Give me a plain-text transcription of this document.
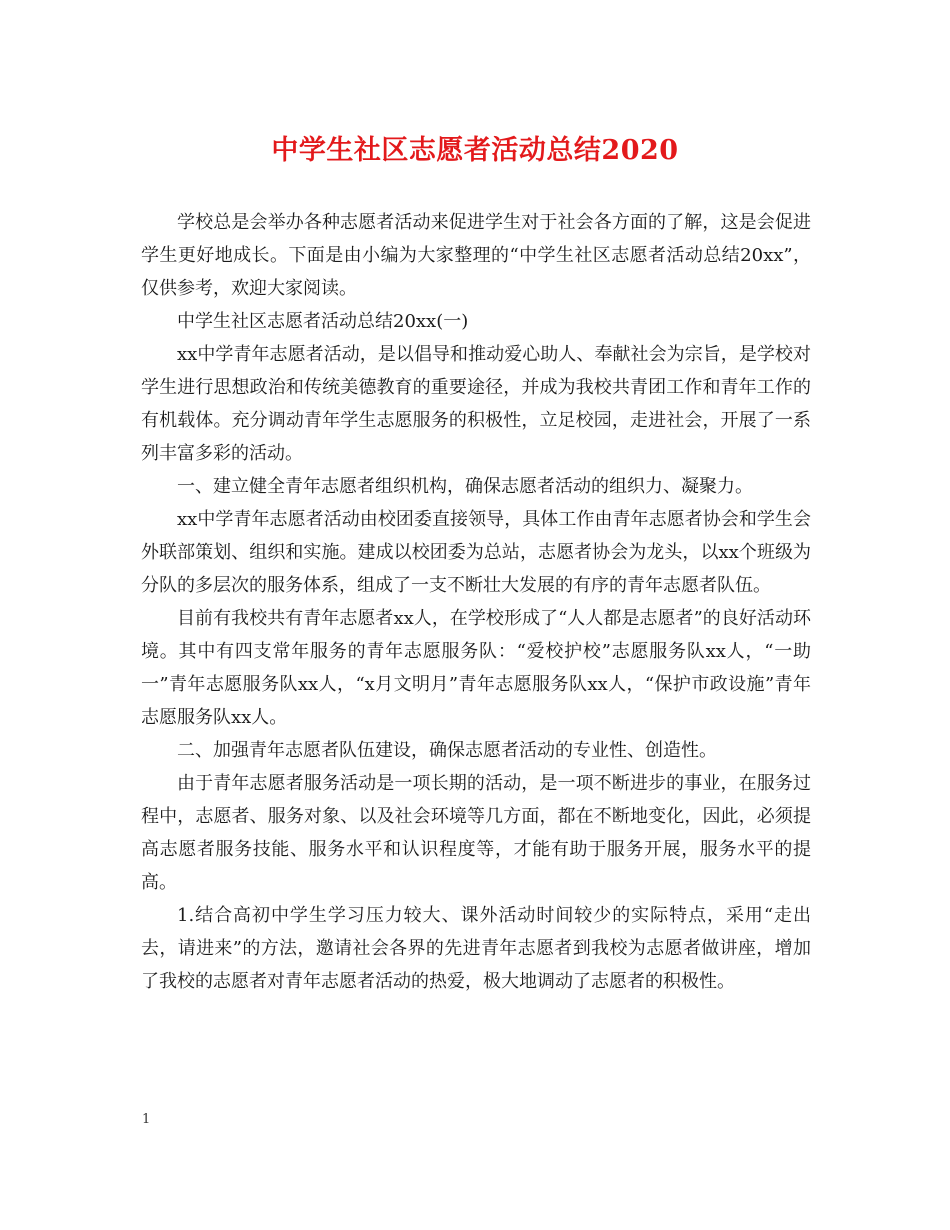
中学生社区志愿者活动总结2020

学校总是会举办各种志愿者活动来促进学生对于社会各方面的了解，这是会促进学生更好地成长。下面是由小编为大家整理的“中学生社区志愿者活动总结20xx”，仅供参考，欢迎大家阅读。

中学生社区志愿者活动总结20xx(一)

xx中学青年志愿者活动，是以倡导和推动爱心助人、奉献社会为宗旨，是学校对学生进行思想政治和传统美德教育的重要途径，并成为我校共青团工作和青年工作的有机载体。充分调动青年学生志愿服务的积极性，立足校园，走进社会，开展了一系列丰富多彩的活动。

一、建立健全青年志愿者组织机构，确保志愿者活动的组织力、凝聚力。

xx中学青年志愿者活动由校团委直接领导，具体工作由青年志愿者协会和学生会外联部策划、组织和实施。建成以校团委为总站，志愿者协会为龙头，以xx个班级为分队的多层次的服务体系，组成了一支不断壮大发展的有序的青年志愿者队伍。

目前有我校共有青年志愿者xx人，在学校形成了“人人都是志愿者”的良好活动环境。其中有四支常年服务的青年志愿服务队：“爱校护校”志愿服务队xx人，“一助一”青年志愿服务队xx人，“x月文明月”青年志愿服务队xx人，“保护市政设施”青年志愿服务队xx人。

二、加强青年志愿者队伍建设，确保志愿者活动的专业性、创造性。

由于青年志愿者服务活动是一项长期的活动，是一项不断进步的事业，在服务过程中，志愿者、服务对象、以及社会环境等几方面，都在不断地变化，因此，必须提高志愿者服务技能、服务水平和认识程度等，才能有助于服务开展，服务水平的提高。

1.结合高初中学生学习压力较大、课外活动时间较少的实际特点，采用“走出去，请进来”的方法，邀请社会各界的先进青年志愿者到我校为志愿者做讲座，增加了我校的志愿者对青年志愿者活动的热爱，极大地调动了志愿者的积极性。

1
